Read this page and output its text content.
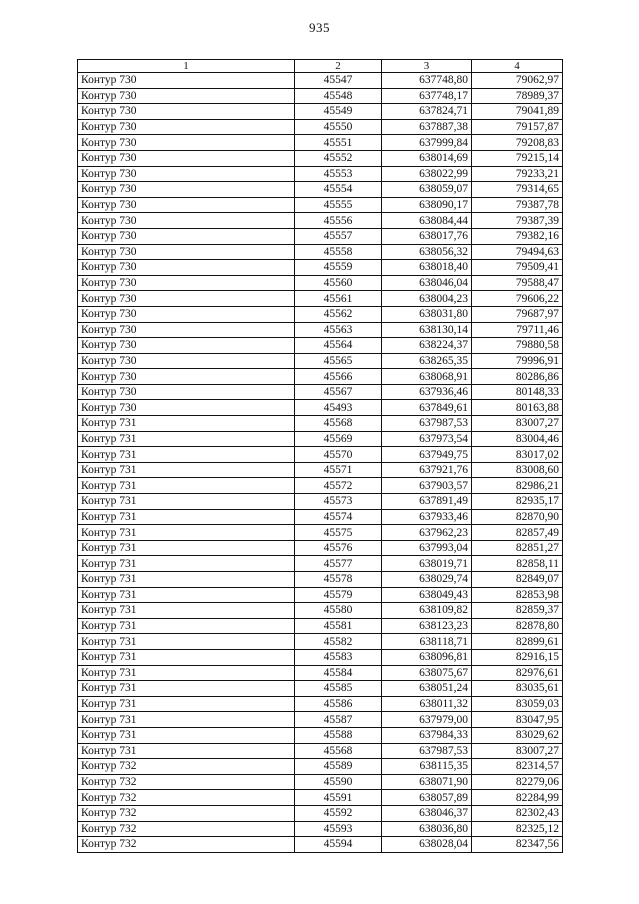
935
1	2	3	4
Контур 730	45547	637748,80	79062,97
Контур 730	45548	637748,17	78989,37
Контур 730	45549	637824,71	79041,89
Контур 730	45550	637887,38	79157,87
Контур 730	45551	637999,84	79208,83
Контур 730	45552	638014,69	79215,14
Контур 730	45553	638022,99	79233,21
Контур 730	45554	638059,07	79314,65
Контур 730	45555	638090,17	79387,78
Контур 730	45556	638084,44	79387,39
Контур 730	45557	638017,76	79382,16
Контур 730	45558	638056,32	79494,63
Контур 730	45559	638018,40	79509,41
Контур 730	45560	638046,04	79588,47
Контур 730	45561	638004,23	79606,22
Контур 730	45562	638031,80	79687,97
Контур 730	45563	638130,14	79711,46
Контур 730	45564	638224,37	79880,58
Контур 730	45565	638265,35	79996,91
Контур 730	45566	638068,91	80286,86
Контур 730	45567	637936,46	80148,33
Контур 730	45493	637849,61	80163,88
Контур 731	45568	637987,53	83007,27
Контур 731	45569	637973,54	83004,46
Контур 731	45570	637949,75	83017,02
Контур 731	45571	637921,76	83008,60
Контур 731	45572	637903,57	82986,21
Контур 731	45573	637891,49	82935,17
Контур 731	45574	637933,46	82870,90
Контур 731	45575	637962,23	82857,49
Контур 731	45576	637993,04	82851,27
Контур 731	45577	638019,71	82858,11
Контур 731	45578	638029,74	82849,07
Контур 731	45579	638049,43	82853,98
Контур 731	45580	638109,82	82859,37
Контур 731	45581	638123,23	82878,80
Контур 731	45582	638118,71	82899,61
Контур 731	45583	638096,81	82916,15
Контур 731	45584	638075,67	82976,61
Контур 731	45585	638051,24	83035,61
Контур 731	45586	638011,32	83059,03
Контур 731	45587	637979,00	83047,95
Контур 731	45588	637984,33	83029,62
Контур 731	45568	637987,53	83007,27
Контур 732	45589	638115,35	82314,57
Контур 732	45590	638071,90	82279,06
Контур 732	45591	638057,89	82284,99
Контур 732	45592	638046,37	82302,43
Контур 732	45593	638036,80	82325,12
Контур 732	45594	638028,04	82347,56
